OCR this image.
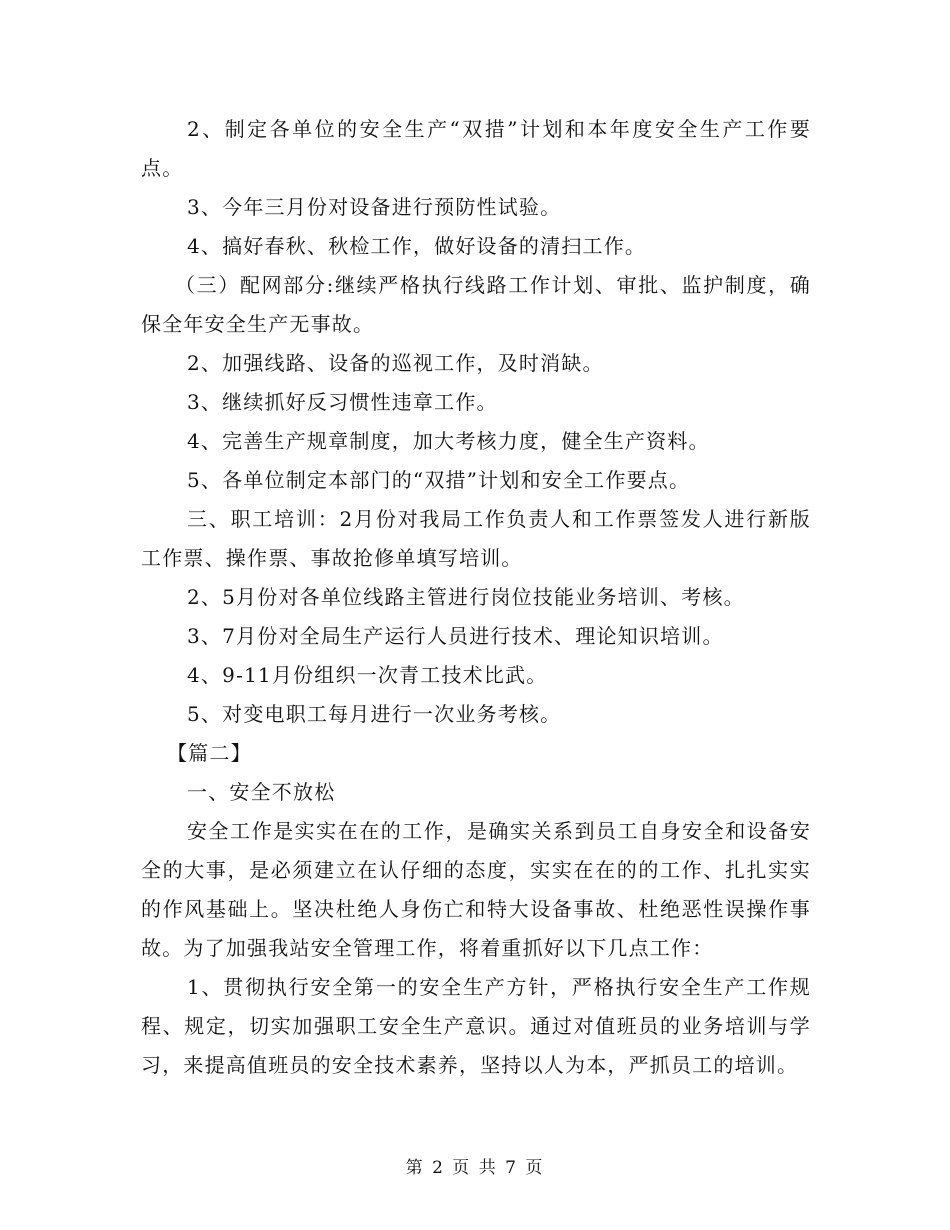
2、制定各单位的安全生产“双措”计划和本年度安全生产工作要点。

3、今年三月份对设备进行预防性试验。

4、搞好春秋、秋检工作，做好设备的清扫工作。

（三）配网部分:继续严格执行线路工作计划、审批、监护制度，确保全年安全生产无事故。

2、加强线路、设备的巡视工作，及时消缺。

3、继续抓好反习惯性违章工作。

4、完善生产规章制度，加大考核力度，健全生产资料。

5、各单位制定本部门的“双措”计划和安全工作要点。

三、职工培训：2月份对我局工作负责人和工作票签发人进行新版工作票、操作票、事故抢修单填写培训。

2、5月份对各单位线路主管进行岗位技能业务培训、考核。

3、7月份对全局生产运行人员进行技术、理论知识培训。

4、9-11月份组织一次青工技术比武。

5、对变电职工每月进行一次业务考核。

【篇二】

一、安全不放松

安全工作是实实在在的工作，是确实关系到员工自身安全和设备安全的大事，是必须建立在认仔细的态度，实实在在的的工作、扎扎实实的作风基础上。坚决杜绝人身伤亡和特大设备事故、杜绝恶性误操作事故。为了加强我站安全管理工作，将着重抓好以下几点工作：

1、贯彻执行安全第一的安全生产方针，严格执行安全生产工作规程、规定，切实加强职工安全生产意识。通过对值班员的业务培训与学习，来提高值班员的安全技术素养，坚持以人为本，严抓员工的培训。

第 2 页 共 7 页
